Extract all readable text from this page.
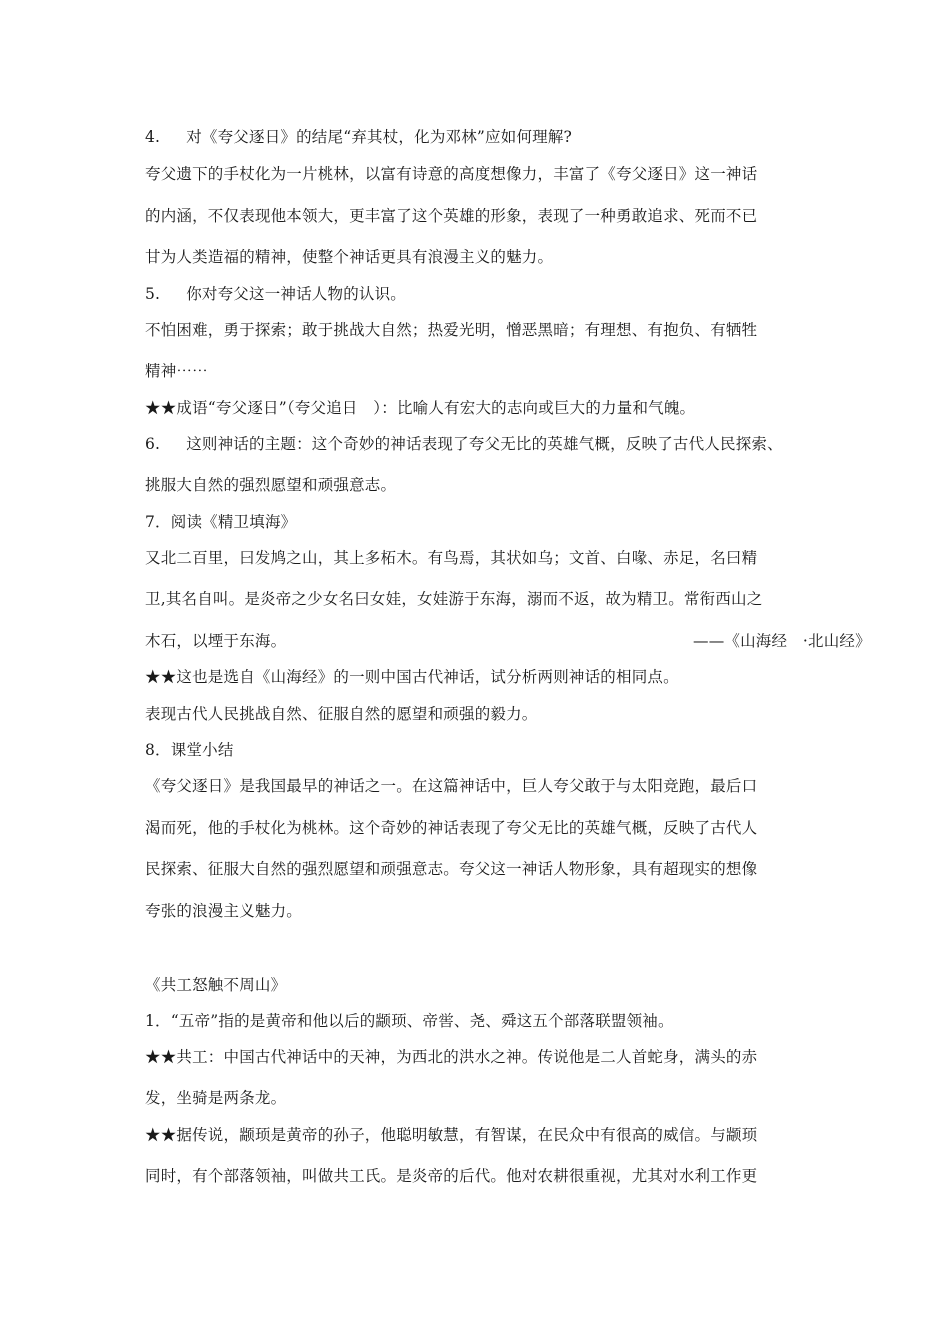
4. 对《夸父逐日》的结尾“弃其杖，化为邓林”应如何理解?
夸父遗下的手杖化为一片桃林，以富有诗意的高度想像力，丰富了《夸父逐日》这一神话
的内涵，不仅表现他本领大，更丰富了这个英雄的形象，表现了一种勇敢追求、死而不已
甘为人类造福的精神，使整个神话更具有浪漫主义的魅力。
5. 你对夸父这一神话人物的认识。
不怕困难，勇于探索；敢于挑战大自然；热爱光明，憎恶黑暗；有理想、有抱负、有牺牲
精神⋯⋯
★★成语“夸父逐日”（夸父追日　）：比喻人有宏大的志向或巨大的力量和气魄。
6. 这则神话的主题：这个奇妙的神话表现了夸父无比的英雄气概，反映了古代人民探索、
挑服大自然的强烈愿望和顽强意志。
7．阅读《精卫填海》
又北二百里，曰发鸠之山，其上多柘木。有鸟焉，其状如乌；文首、白喙、赤足，名曰精
卫,其名自叫。是炎帝之少女名曰女娃，女娃游于东海，溺而不返，故为精卫。常衔西山之
木石，以堙于东海。	——《山海经　·北山经》
★★这也是选自《山海经》的一则中国古代神话，试分析两则神话的相同点。
表现古代人民挑战自然、征服自然的愿望和顽强的毅力。
8．课堂小结
《夸父逐日》是我国最早的神话之一。在这篇神话中，巨人夸父敢于与太阳竞跑，最后口
渴而死，他的手杖化为桃林。这个奇妙的神话表现了夸父无比的英雄气概，反映了古代人
民探索、征服大自然的强烈愿望和顽强意志。夸父这一神话人物形象，具有超现实的想像
夸张的浪漫主义魅力。
《共工怒触不周山》
1．“五帝”指的是黄帝和他以后的颛顼、帝喾、尧、舜这五个部落联盟领袖。
★★共工：中国古代神话中的天神，为西北的洪水之神。传说他是二人首蛇身，满头的赤
发，坐骑是两条龙。
★★据传说，颛顼是黄帝的孙子，他聪明敏慧，有智谋，在民众中有很高的威信。与颛顼
同时，有个部落领袖，叫做共工氏。是炎帝的后代。他对农耕很重视，尤其对水利工作更
